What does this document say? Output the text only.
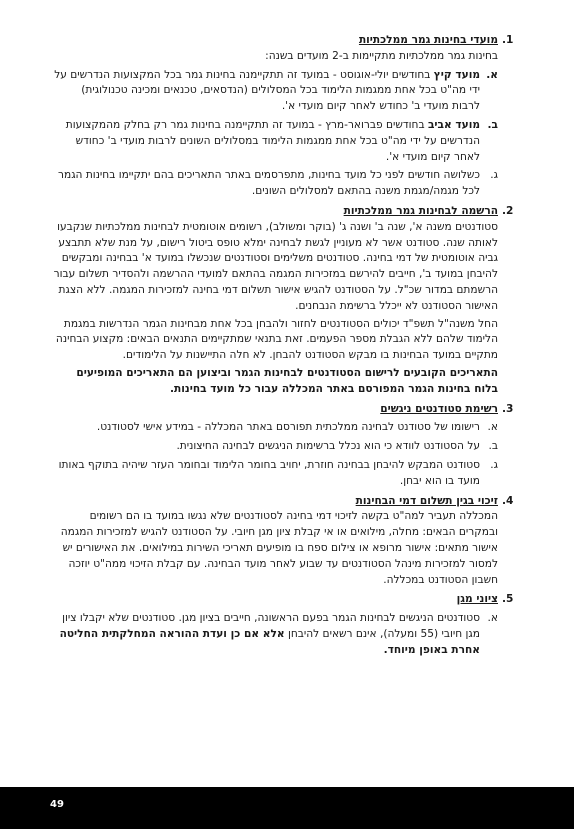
.1
מועדי בחינות גמר ממלכתיות

בחינות גמר ממלכתיות מתקיימות ב-2 מועדים בשנה:

א.
מועד קיץ בחודשים יולי-אוגוסט - במועד זה תתקיימנה בחינות גמר בכל המקצועות הנדרשים על ידי מה"ט בכל אחת ממגמות הלימוד בכל המסלולים (הנדסאים, טכנאים ומכינה טכנולוגית) לרבות מועדי ב' כחודש לאחר קיום מועדי א'.
ב.
מועד אביב בחודשים פברואר-מרץ - במועד זה תתקיימנה בחינות גמר רק בחלק מהמקצועות הנדרשים על ידי מה"ט בכל אחת ממגמות הלימוד במסלולים השונים לרבות מועדי ב' כחודש לאחר קיום מועדי א'.
ג.
כשלושה חודשים לפני כל מועד בחינות, מתפרסמים באתר התאריכים בהם יתקיימו בחינות הגמר לכל מגמה/מגמת משנה בהתאם למסלולים השונים.
.2
הרשמה לבחינות גמר ממלכתיות

סטודנטים משנה א', שנה ב' ושנה ג' (בוקר ומשולב), רשומים אוטומטית לבחינות ממלכתיות שנקבעו לאותה שנה. סטודנט אשר לא מעוניין לגשת לבחינה ימלא טופס ביטול רישום, על מנת שלא תתבצע גביה אוטומטית של דמי בחינה. סטודנטים משלימים וסטודנטים שנכשלו במועד א' בבחינה ומבקשים להיבחן במועד ב', חייבים להירשם במזכירות המגמה בהתאם למועדי ההרשמה ולהסדיר תשלום עבור הרשמתם במדור שכ"ל. על הסטודנט להגיש אישור תשלום דמי בחינה למזכירות המגמה. ללא הצגת האישור הסטודנט לא ייכלל ברשימת הנבחנים.

החל משנה"ל תשפ"ד יכולים הסטודנטים לחזור ולהבחן בכל אחת מבחינות הגמר הנדרשות במגמת הלימוד שלהם ללא הגבלת מספר הפעמים. זאת בתנאי שמתקיימים התנאים הבאים: מקצוע הבחינה מתקיים במועד הבחינות בו מבקש הסטודנט להבחן. לא חלה התיישנות על הלימודים.

התאריכים הקובעים לרישום הסטודנטים לבחינות הגמר וביצוען הם התאריכים המופיעים בלוח בחינות הגמר המפורסם באתר המכללה עבור כל מועד בחינות.

.3
רשימת סטודנטים ניגשים
א.
רישומו של סטודנט לבחינה ממלכתית תפורסם באתר המכללה - במידע אישי לסטודנט.
ב.
על הסטודנט לוודא כי הוא נכלל ברשימות הניגשים לבחינה החיצונית.
ג.
סטודנט המבקש להיבחן בבחינה חוזרת, יחויב בחומר הלימוד ובחומר העזר שיהיה בתוקף באותו מועד בו הוא יבחן.
.4
זיכוי בגין תשלום דמי הבחינות

המכללה תעביר למה"ט בקשה לזיכוי דמי בחינה לסטודנטים שלא נגשו במועד בו הם רשומים ובמקרים הבאים: מחלה, מילואים או אי קבלת ציון מגן חיובי. על הסטודנט להגיש למזכירות המגמה אישור מתאים: אישור מרופא או צילום ספח בו מופיעים תאריכי השירות במילואים. את האישורים יש למסור למזכירות מינהל הסטודנטים עד שבוע לאחר מועד הבחינה. עם קבלת הזיכוי ממה"ט יוזכה חשבון הסטודנט במכללה.

.5
ציוני מגן
א.
סטודנטים הניגשים לבחינות הגמר בפעם הראשונה, חייבים בציון מגן. סטודנטים שלא יקבלו ציון מגן חיובי (55 ומעלה), אינם רשאים להיבחן אלא אם כן ועדת ההוראה המחלקתית החליטה אחרת באופן מיוחד.
49
